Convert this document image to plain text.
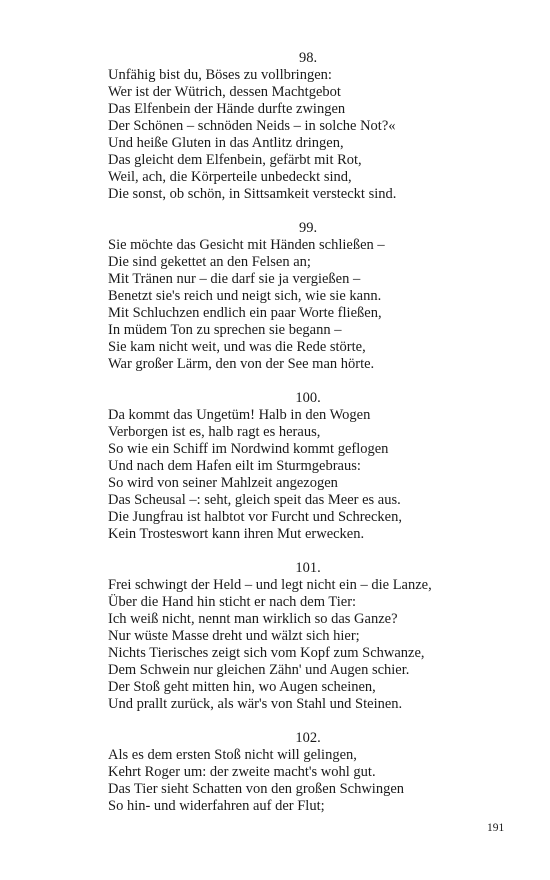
98.
Unfähig bist du, Böses zu vollbringen:
Wer ist der Wütrich, dessen Machtgebot
Das Elfenbein der Hände durfte zwingen
Der Schönen – schnöden Neids – in solche Not?«
Und heiße Gluten in das Antlitz dringen,
Das gleicht dem Elfenbein, gefärbt mit Rot,
Weil, ach, die Körperteile unbedeckt sind,
Die sonst, ob schön, in Sittsamkeit versteckt sind.
99.
Sie möchte das Gesicht mit Händen schließen –
Die sind gekettet an den Felsen an;
Mit Tränen nur – die darf sie ja vergießen –
Benetzt sie's reich und neigt sich, wie sie kann.
Mit Schluchzen endlich ein paar Worte fließen,
In müdem Ton zu sprechen sie begann –
Sie kam nicht weit, und was die Rede störte,
War großer Lärm, den von der See man hörte.
100.
Da kommt das Ungetüm! Halb in den Wogen
Verborgen ist es, halb ragt es heraus,
So wie ein Schiff im Nordwind kommt geflogen
Und nach dem Hafen eilt im Sturmgebraus:
So wird von seiner Mahlzeit angezogen
Das Scheusal –: seht, gleich speit das Meer es aus.
Die Jungfrau ist halbtot vor Furcht und Schrecken,
Kein Trosteswort kann ihren Mut erwecken.
101.
Frei schwingt der Held – und legt nicht ein – die Lanze,
Über die Hand hin sticht er nach dem Tier:
Ich weiß nicht, nennt man wirklich so das Ganze?
Nur wüste Masse dreht und wälzt sich hier;
Nichts Tierisches zeigt sich vom Kopf zum Schwanze,
Dem Schwein nur gleichen Zähn' und Augen schier.
Der Stoß geht mitten hin, wo Augen scheinen,
Und prallt zurück, als wär's von Stahl und Steinen.
102.
Als es dem ersten Stoß nicht will gelingen,
Kehrt Roger um: der zweite macht's wohl gut.
Das Tier sieht Schatten von den großen Schwingen
So hin- und widerfahren auf der Flut;
191
